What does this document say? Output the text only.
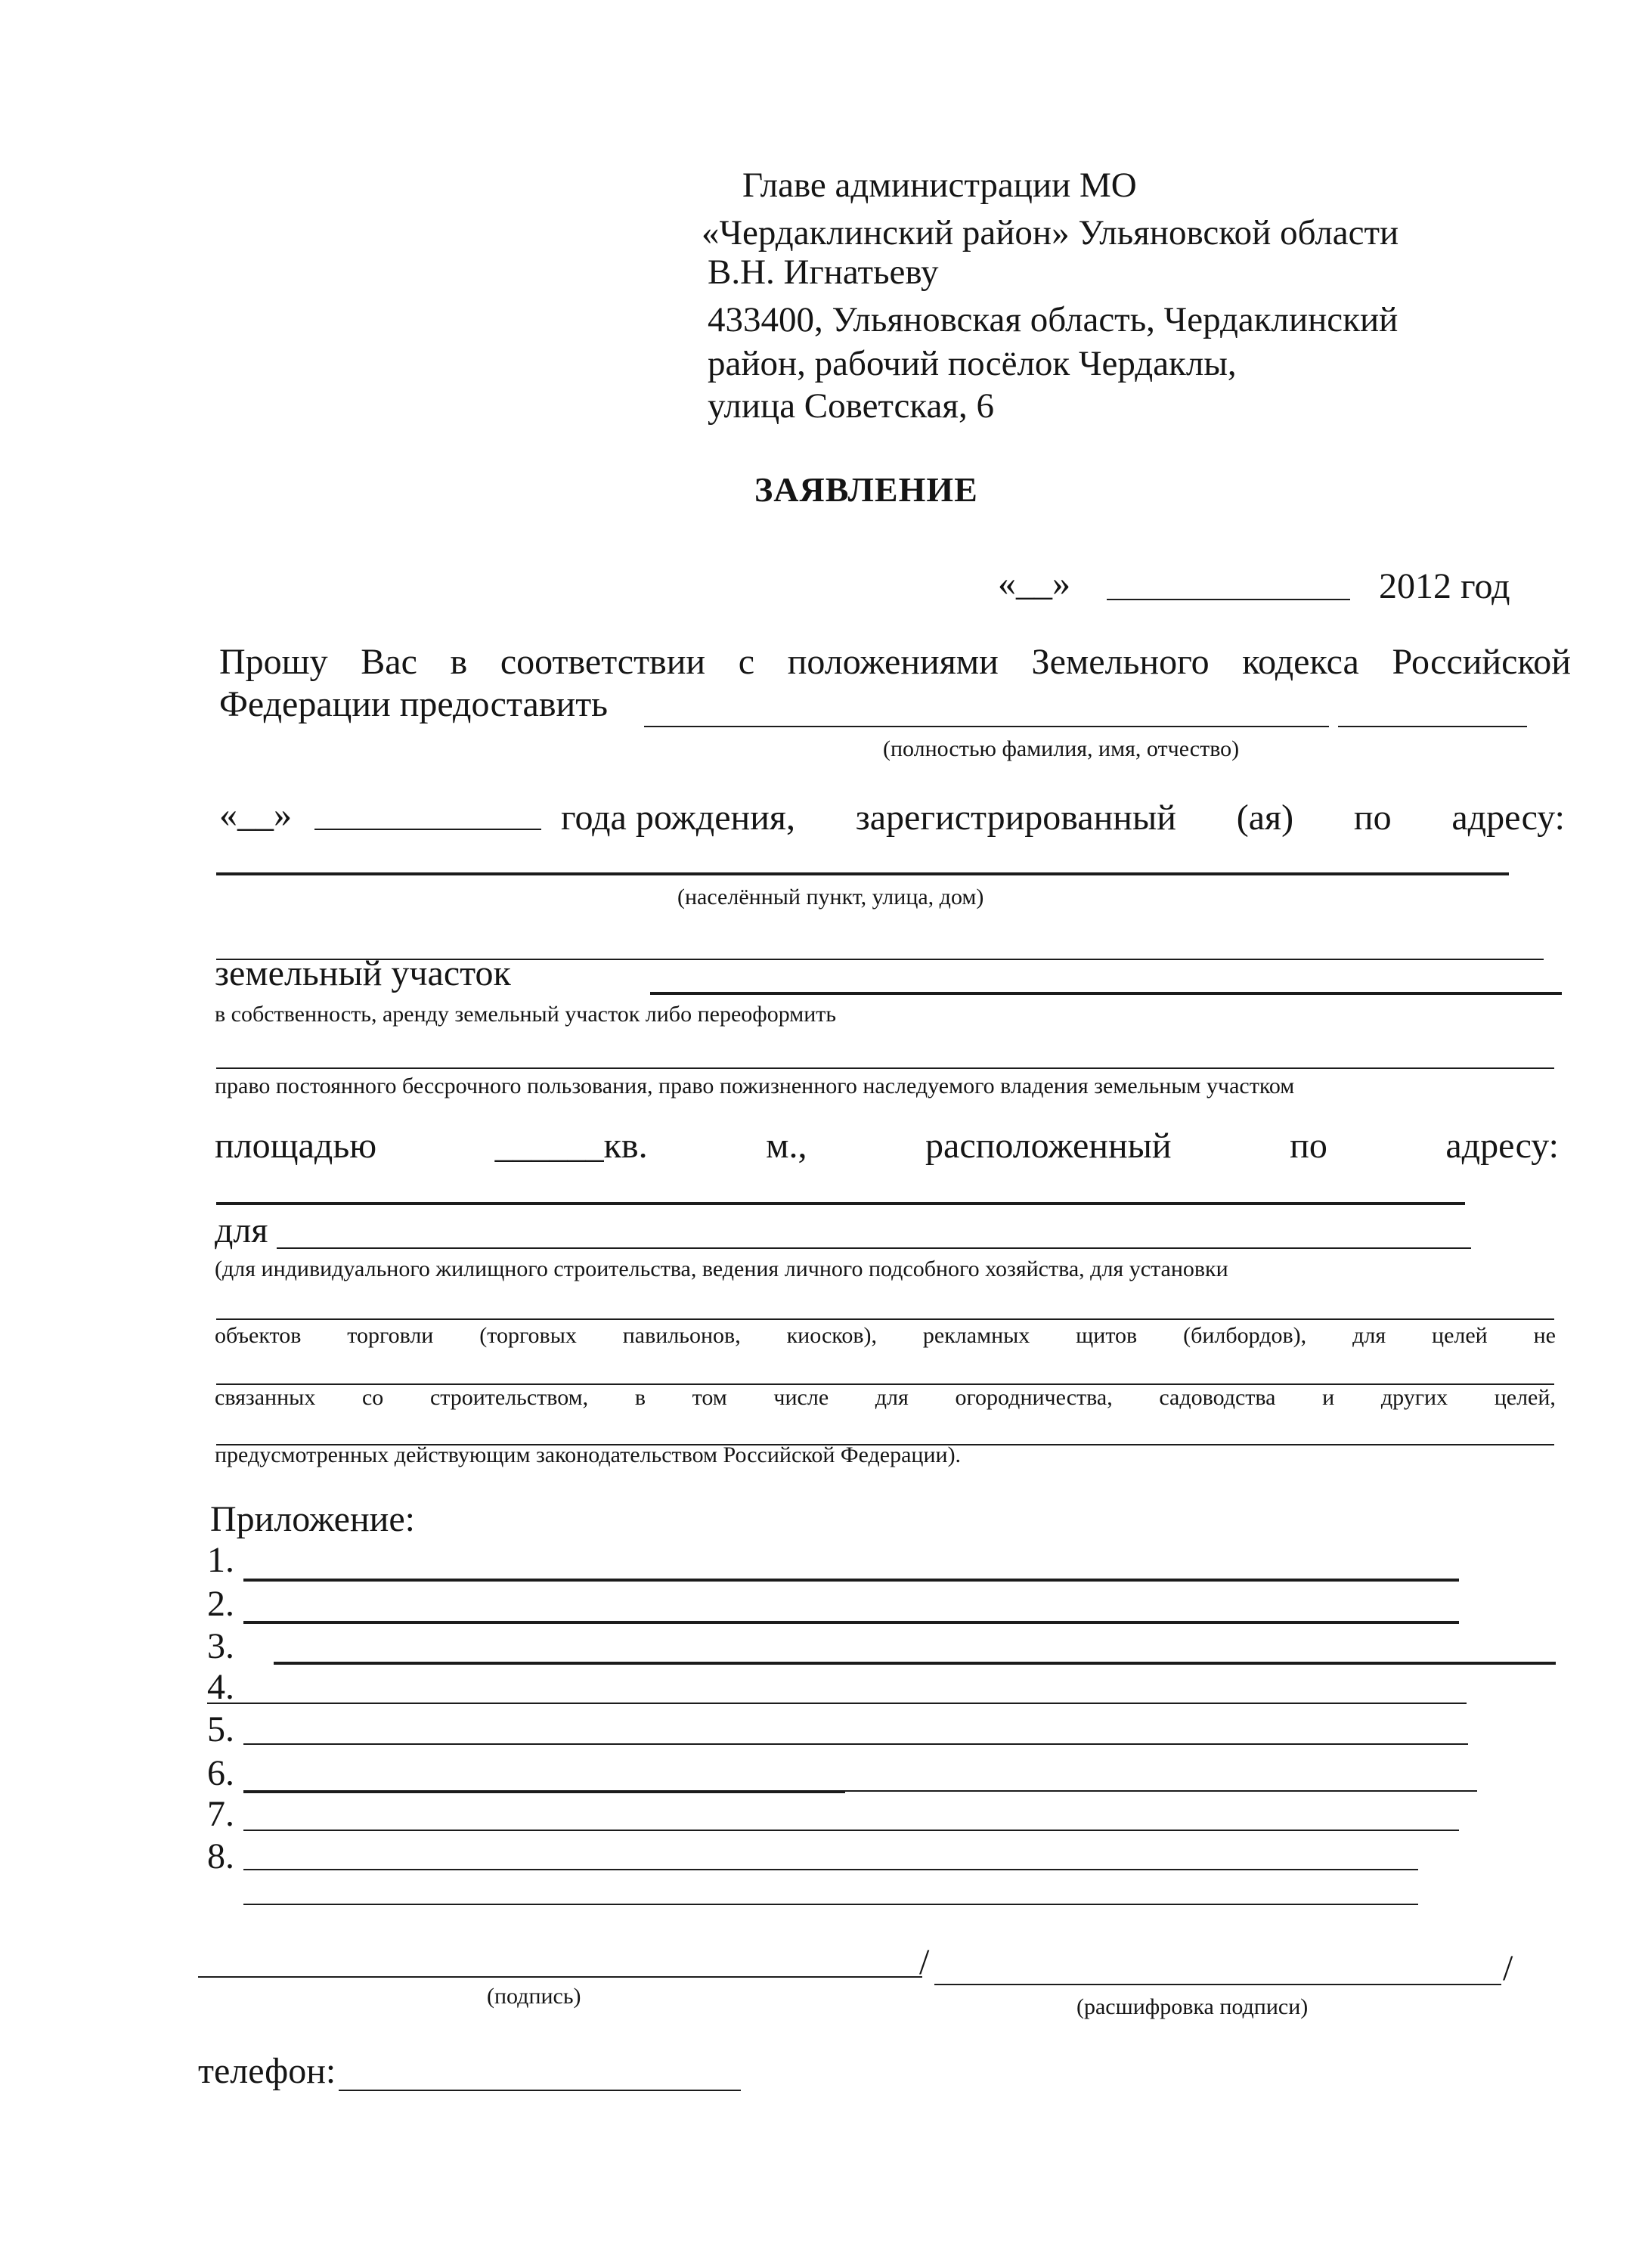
Главе администрации МО
«Чердаклинский район» Ульяновской области
В.Н. Игнатьеву
433400, Ульяновская область, Чердаклинский
район, рабочий посёлок Чердаклы,
улица Советская, 6
ЗАЯВЛЕНИЕ
«__»	2012 год
Прошу Вас в соответствии с положениями Земельного кодекса Российской
Федерации предоставить
(полностью фамилия, имя, отчество)
«__»	года рождения, зарегистрированный (ая) по адресу:
(населённый пункт, улица, дом)
земельный участок
в собственность, аренду земельный участок либо переоформить
право постоянного бессрочного пользования, право пожизненного наследуемого владения земельным участком
площадью	______кв.	м.,	расположенный	по	адресу:
для
(для индивидуального жилищного строительства, ведения личного подсобного хозяйства, для установки
объектов торговли (торговых павильонов, киосков), рекламных щитов (билбордов), для целей не
связанных со строительством, в том числе для огородничества, садоводства и других целей,
предусмотренных действующим законодательством Российской Федерации).
Приложение:
1.
2.
3.
4.
5.
6.
7.
8.
/	/
(подпись)	(расшифровка подписи)
телефон:
